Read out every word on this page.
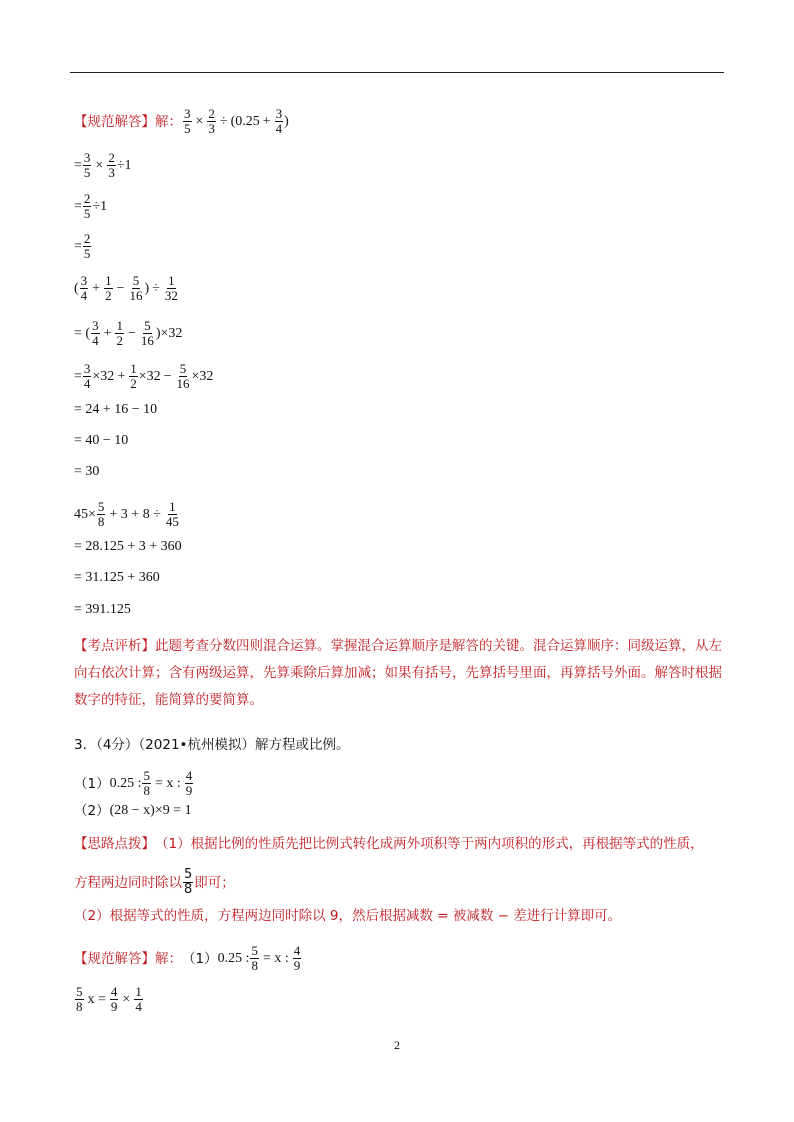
【规范解答】 解： $\frac{3}{5} \times \frac{2}{3} \div (0.25 + \frac{3}{4}$ )
= $\frac{3}{5} \times \frac{2}{3} \div 1$
= $\frac{2}{5} \div 1$
= $\frac{2}{5}$
( $\frac{3}{4} + \frac{1}{2} - \frac{5}{16}$ ) ÷ $\frac{1}{32}$
= ( $\frac{3}{4} + \frac{1}{2} - \frac{5}{16} )\times 32$
= $\frac{3}{4} \times 32 + \frac{1}{2} \times 32 - \frac{5}{16} \times 32$
= 24 + 16 − 10
= 40 − 10
= 30
$45\times \frac{5}{8} + 3 + 8 \div \frac{1}{45}$
= 28.125 + 3 + 360
= 31.125 + 360
= 391.125
【考点评析】此题考查分数四则混合运算。掌握混合运算顺序是解答的关键。混合运算顺序：同级运算，从左向右依次计算；含有两级运算，先算乘除后算加减；如果有括号，先算括号里面，再算括号外面。解答时根据数字的特征，能简算的要简算。
3．（4分）（2021•杭州模拟）解方程或比例。
（1） 0.25 : $\frac{5}{8} = x$ : $\frac{4}{9}$
（2） (28 − x)×9 = 1
【思路点拨】 （1）根据比例的性质先把比例式转化成两外项积等于两内项积的形式，再根据等式的性质，
方程两边同时除以 $\frac{5}{8}$ 即可；
（2）根据等式的性质，方程两边同时除以 9，然后根据减数 = 被减数 − 差进行计算即可。
【规范解答】 解： （1） 0.25 : $\frac{5}{8} = x$ : $\frac{4}{9}$
$\frac{5}{8}$ $x = \frac{4}{9} \times \frac{1}{4}$
2
